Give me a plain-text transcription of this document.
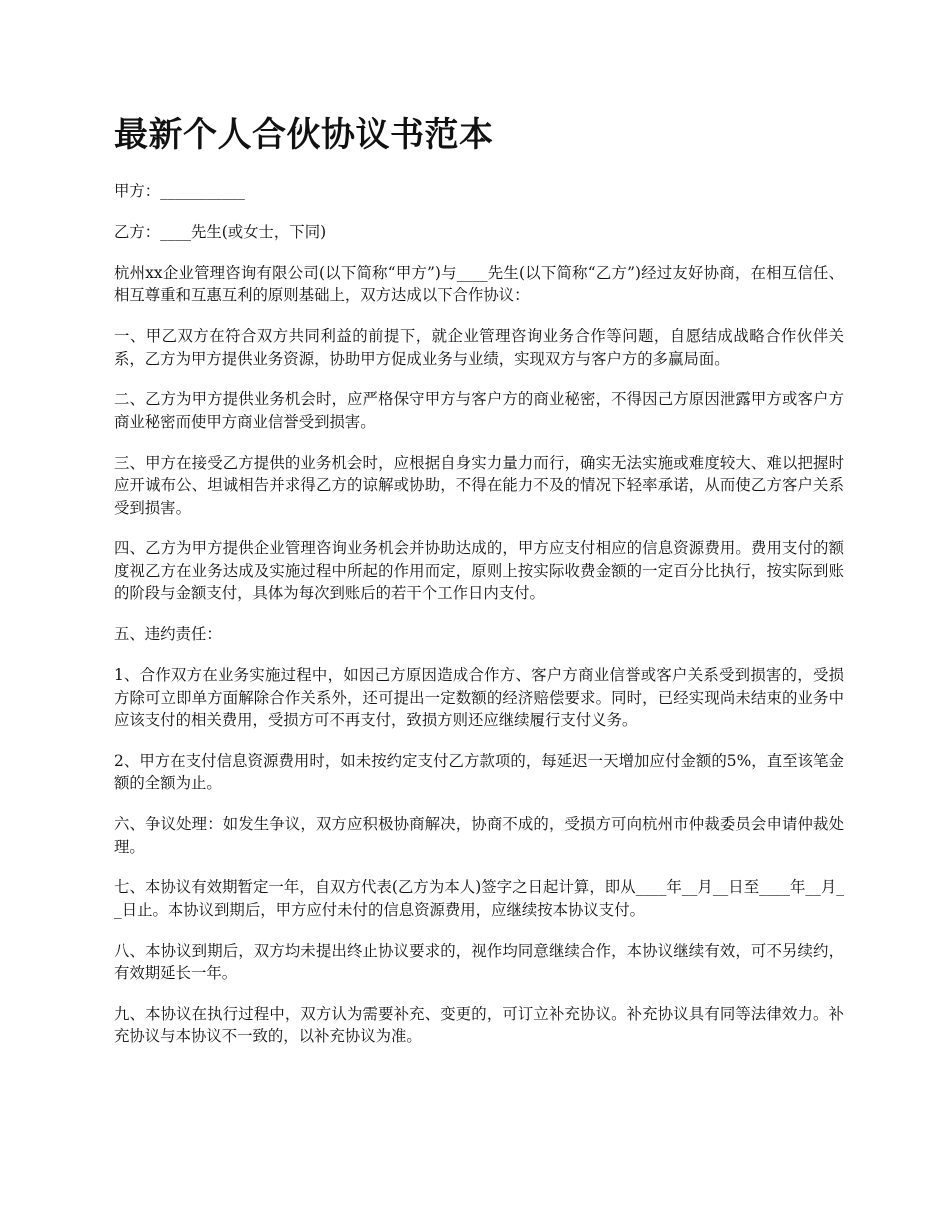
最新个人合伙协议书范本

甲方：___________

乙方：____先生(或女士，下同)

杭州xx企业管理咨询有限公司(以下简称“甲方”)与____先生(以下简称“乙方”)经过友好协商，在相互信任、相互尊重和互惠互利的原则基础上，双方达成以下合作协议：

一、甲乙双方在符合双方共同利益的前提下，就企业管理咨询业务合作等问题，自愿结成战略合作伙伴关系，乙方为甲方提供业务资源，协助甲方促成业务与业绩，实现双方与客户方的多赢局面。

二、乙方为甲方提供业务机会时，应严格保守甲方与客户方的商业秘密，不得因己方原因泄露甲方或客户方商业秘密而使甲方商业信誉受到损害。

三、甲方在接受乙方提供的业务机会时，应根据自身实力量力而行，确实无法实施或难度较大、难以把握时应开诚布公、坦诚相告并求得乙方的谅解或协助，不得在能力不及的情况下轻率承诺，从而使乙方客户关系受到损害。

四、乙方为甲方提供企业管理咨询业务机会并协助达成的，甲方应支付相应的信息资源费用。费用支付的额度视乙方在业务达成及实施过程中所起的作用而定，原则上按实际收费金额的一定百分比执行，按实际到账的阶段与金额支付，具体为每次到账后的若干个工作日内支付。

五、违约责任：

1、合作双方在业务实施过程中，如因己方原因造成合作方、客户方商业信誉或客户关系受到损害的，受损方除可立即单方面解除合作关系外，还可提出一定数额的经济赔偿要求。同时，已经实现尚未结束的业务中应该支付的相关费用，受损方可不再支付，致损方则还应继续履行支付义务。

2、甲方在支付信息资源费用时，如未按约定支付乙方款项的，每延迟一天增加应付金额的5%，直至该笔金额的全额为止。

六、争议处理：如发生争议，双方应积极协商解决，协商不成的，受损方可向杭州市仲裁委员会申请仲裁处理。

七、本协议有效期暂定一年，自双方代表(乙方为本人)签字之日起计算，即从____年__月__日至____年__月__日止。本协议到期后，甲方应付未付的信息资源费用，应继续按本协议支付。

八、本协议到期后，双方均未提出终止协议要求的，视作均同意继续合作，本协议继续有效，可不另续约，有效期延长一年。

九、本协议在执行过程中，双方认为需要补充、变更的，可订立补充协议。补充协议具有同等法律效力。补充协议与本协议不一致的，以补充协议为准。
